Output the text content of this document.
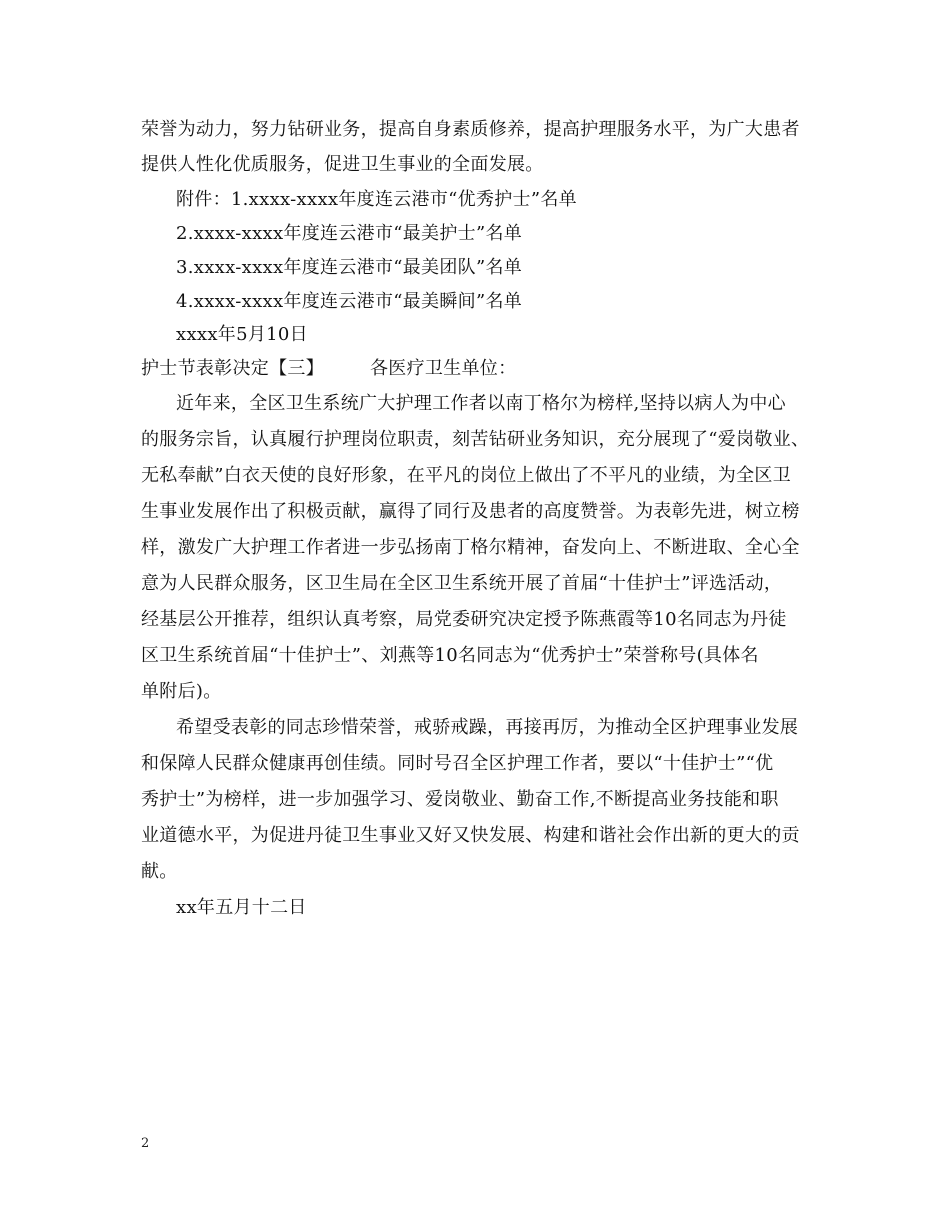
荣誉为动力，努力钻研业务，提高自身素质修养，提高护理服务水平，为广大患者
提供人性化优质服务，促进卫生事业的全面发展。
附件：1.xxxx-xxxx年度连云港市“优秀护士”名单
2.xxxx-xxxx年度连云港市“最美护士”名单
3.xxxx-xxxx年度连云港市“最美团队”名单
4.xxxx-xxxx年度连云港市“最美瞬间”名单
xxxx年5月10日
护士节表彰决定【三】	各医疗卫生单位：
近年来，全区卫生系统广大护理工作者以南丁格尔为榜样,坚持以病人为中心
的服务宗旨，认真履行护理岗位职责，刻苦钻研业务知识，充分展现了“爱岗敬业、
无私奉献”白衣天使的良好形象，在平凡的岗位上做出了不平凡的业绩，为全区卫
生事业发展作出了积极贡献，赢得了同行及患者的高度赞誉。为表彰先进，树立榜
样，激发广大护理工作者进一步弘扬南丁格尔精神，奋发向上、不断进取、全心全
意为人民群众服务，区卫生局在全区卫生系统开展了首届“十佳护士”评选活动，
经基层公开推荐，组织认真考察，局党委研究决定授予陈燕霞等10名同志为丹徒
区卫生系统首届“十佳护士”、刘燕等10名同志为“优秀护士”荣誉称号(具体名
单附后)。
希望受表彰的同志珍惜荣誉，戒骄戒躁，再接再厉，为推动全区护理事业发展
和保障人民群众健康再创佳绩。同时号召全区护理工作者，要以“十佳护士”“优
秀护士”为榜样，进一步加强学习、爱岗敬业、勤奋工作,不断提高业务技能和职
业道德水平，为促进丹徒卫生事业又好又快发展、构建和谐社会作出新的更大的贡
献。
xx年五月十二日
2
